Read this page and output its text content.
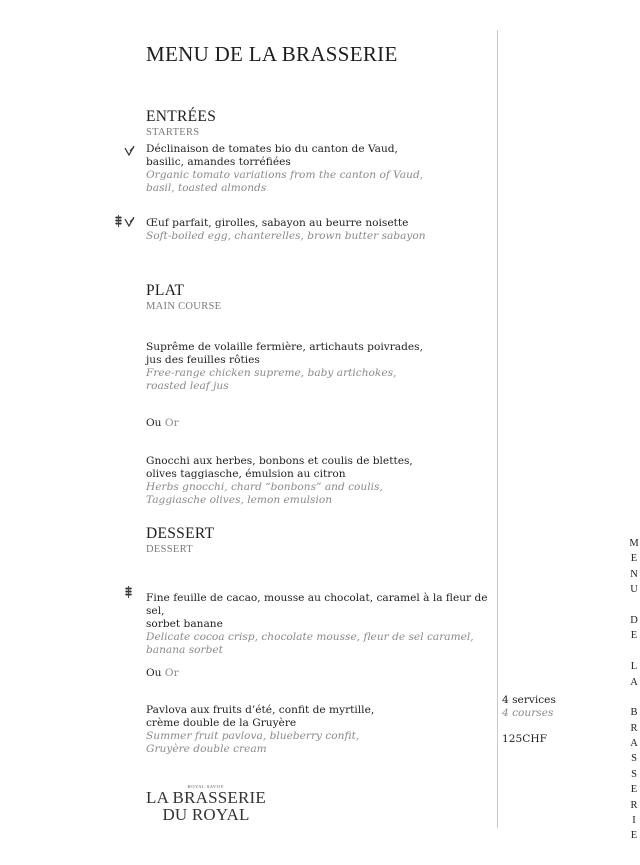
MENU DE LA BRASSERIE
ENTRÉES
STARTERS
Déclinaison de tomates bio du canton de Vaud,
basilic, amandes torréfiées
Organic tomato variations from the canton of Vaud,
basil, toasted almonds
Œuf parfait, girolles, sabayon au beurre noisette
Soft-boiled egg, chanterelles, brown butter sabayon
PLAT
MAIN COURSE
Suprême de volaille fermière, artichauts poivrades,
jus des feuilles rôties
Free-range chicken supreme, baby artichokes,
roasted leaf jus
Ou Or
Gnocchi aux herbes, bonbons et coulis de blettes,
olives taggiasche, émulsion au citron
Herbs gnocchi, chard “bonbons” and coulis,
Taggiasche olives, lemon emulsion
DESSERT
DESSERT
Fine feuille de cacao, mousse au chocolat, caramel à la fleur de sel,
sorbet banane
Delicate cocoa crisp, chocolate mousse, fleur de sel caramel,
banana sorbet
Ou Or
Pavlova aux fruits d’été, confit de myrtille,
crème double de la Gruyère
Summer fruit pavlova, blueberry confit,
Gruyère double cream
4 services
4 courses
125CHF
M
E
N
U
D
E
L
A
B
R
A
S
S
E
R
I
E
ROYAL SAVOY
LA BRASSERIE
DU ROYAL
